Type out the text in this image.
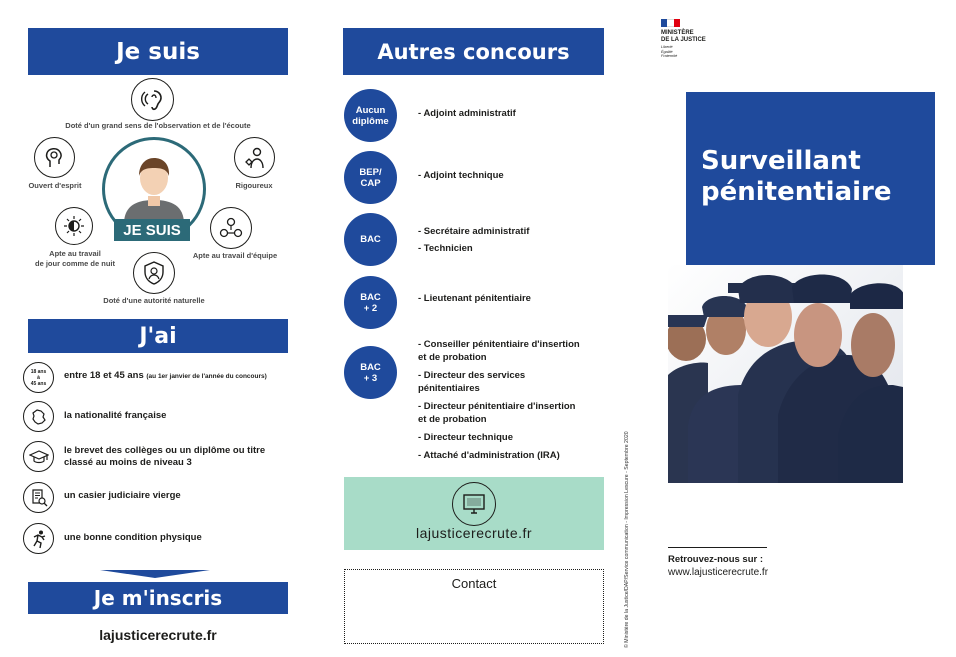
Je suis
Doté d'un grand sens de l'observation et de l'écoute
JE SUIS
Ouvert d'esprit	Rigoureux
Apte au travail
de jour comme de nuit
Apte au travail d'équipe
Doté d'une autorité naturelle
J'ai
18 ans
à
45 ans
entre 18 et 45 ans (au 1er janvier de l'année du concours)
la nationalité française
le brevet des collèges ou un diplôme ou titre
classé au moins de niveau 3
un casier judiciaire vierge
une bonne condition physique
Je m'inscris
lajusticerecrute.fr
Autres concours
Aucun
diplôme
- Adjoint administratif
BEP/
CAP
- Adjoint technique
BAC
- Secrétaire administratif
- Technicien
BAC
+ 2
- Lieutenant pénitentiaire
BAC
+ 3
- Conseiller pénitentiaire d'insertion
et de probation
- Directeur des services
pénitentiaires
- Directeur pénitentiaire d'insertion
et de probation
- Directeur technique
- Attaché d'administration (IRA)
lajusticerecrute.fr
Contact	© Ministère de la Justice/DAP/Service communication - Impression Lescure - Septembre 2020
MINISTÈRE
DE LA JUSTICE
Liberté
Égalité
Fraternité
Surveillant
pénitentiaire
Retrouvez-nous sur :
www.lajusticerecrute.fr
